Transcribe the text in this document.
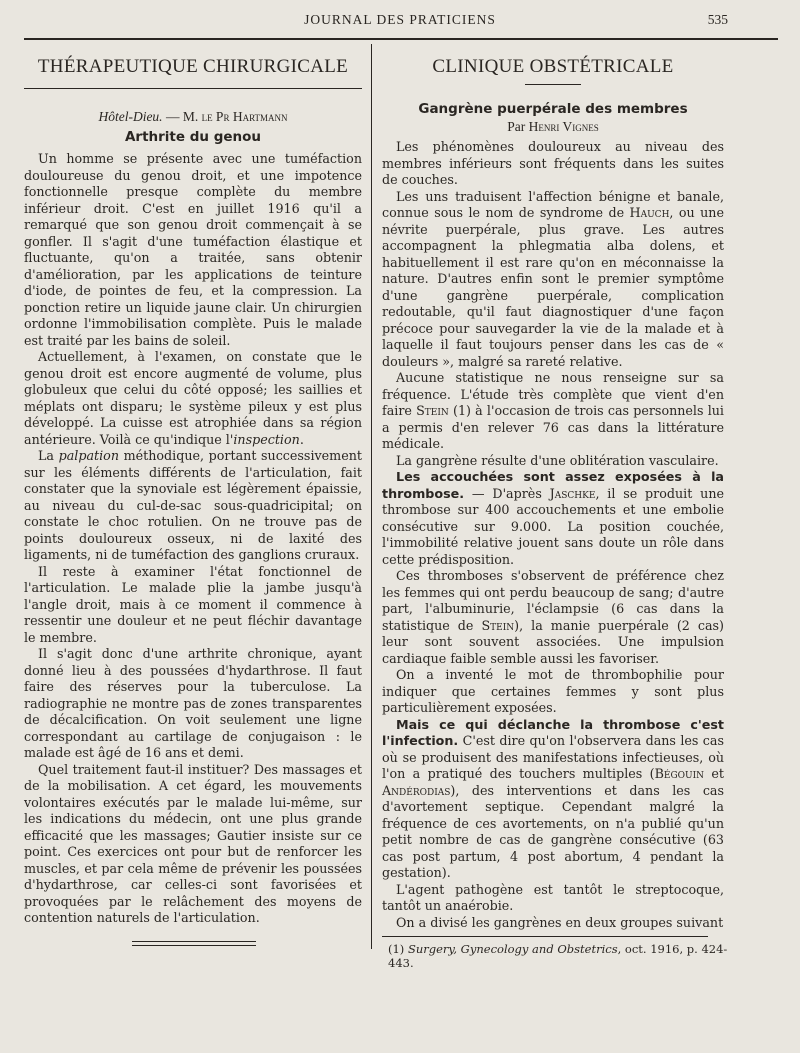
JOURNAL DES PRATICIENS	535
THÉRAPEUTIQUE CHIRURGICALE
Hôtel-Dieu. — M. le Pr Hartmann
Arthrite du genou

Un homme se présente avec une tuméfaction douloureuse du genou droit, et une impotence fonctionnelle presque complète du membre inférieur droit. C'est en juillet 1916 qu'il a remarqué que son genou droit commençait à se gonfler. Il s'agit d'une tuméfaction élastique et fluctuante, qu'on a traitée, sans obtenir d'amélioration, par les applications de teinture d'iode, de pointes de feu, et la compression. La ponction retire un liquide jaune clair. Un chirurgien ordonne l'immobilisation complète. Puis le malade est traité par les bains de soleil.

Actuellement, à l'examen, on constate que le genou droit est encore augmenté de volume, plus globuleux que celui du côté opposé; les saillies et méplats ont disparu; le système pileux y est plus développé. La cuisse est atrophiée dans sa région antérieure. Voilà ce qu'indique l'inspection.

La palpation méthodique, portant successivement sur les éléments différents de l'articulation, fait constater que la synoviale est légèrement épaissie, au niveau du cul-de-sac sous-quadricipital; on constate le choc rotulien. On ne trouve pas de points douloureux osseux, ni de laxité des ligaments, ni de tuméfaction des ganglions cruraux.

Il reste à examiner l'état fonctionnel de l'articulation. Le malade plie la jambe jusqu'à l'angle droit, mais à ce moment il commence à ressentir une douleur et ne peut fléchir davantage le membre.

Il s'agit donc d'une arthrite chronique, ayant donné lieu à des poussées d'hydarthrose. Il faut faire des réserves pour la tuberculose. La radiographie ne montre pas de zones transparentes de décalcification. On voit seulement une ligne correspondant au cartilage de conjugaison : le malade est âgé de 16 ans et demi.

Quel traitement faut-il instituer? Des massages et de la mobilisation. A cet égard, les mouvements volontaires exécutés par le malade lui-même, sur les indications du médecin, ont une plus grande efficacité que les massages; Gautier insiste sur ce point. Ces exercices ont pour but de renforcer les muscles, et par cela même de prévenir les poussées d'hydarthrose, car celles-ci sont favorisées et provoquées par le relâchement des moyens de contention naturels de l'articulation.

CLINIQUE OBSTÉTRICALE
Gangrène puerpérale des membres
Par Henri Vignes

Les phénomènes douloureux au niveau des membres inférieurs sont fréquents dans les suites de couches.

Les uns traduisent l'affection bénigne et banale, connue sous le nom de syndrome de Hauch, ou une névrite puerpérale, plus grave. Les autres accompagnent la phlegmatia alba dolens, et habituellement il est rare qu'on en méconnaisse la nature. D'autres enfin sont le premier symptôme d'une gangrène puerpérale, complication redoutable, qu'il faut diagnostiquer d'une façon précoce pour sauvegarder la vie de la malade et à laquelle il faut toujours penser dans les cas de « douleurs », malgré sa rareté relative.

Aucune statistique ne nous renseigne sur sa fréquence. L'étude très complète que vient d'en faire Stein (1) à l'occasion de trois cas personnels lui a permis d'en relever 76 cas dans la littérature médicale.

La gangrène résulte d'une oblitération vasculaire.

Les accouchées sont assez exposées à la thrombose. — D'après Jaschke, il se produit une thrombose sur 400 accouchements et une embolie consécutive sur 9.000. La position couchée, l'immobilité relative jouent sans doute un rôle dans cette prédisposition.

Ces thromboses s'observent de préférence chez les femmes qui ont perdu beaucoup de sang; d'autre part, l'albuminurie, l'éclampsie (6 cas dans la statistique de Stein), la manie puerpérale (2 cas) leur sont souvent associées. Une impulsion cardiaque faible semble aussi les favoriser.

On a inventé le mot de thrombophilie pour indiquer que certaines femmes y sont plus particulièrement exposées.

Mais ce qui déclanche la thrombose c'est l'infection. C'est dire qu'on l'observera dans les cas où se produisent des manifestations infectieuses, où l'on a pratiqué des touchers multiples (Bégouin et Andérodias), des interventions et dans les cas d'avortement septique. Cependant malgré la fréquence de ces avortements, on n'a publié qu'un petit nombre de cas de gangrène consécutive (63 cas post partum, 4 post abortum, 4 pendant la gestation).

L'agent pathogène est tantôt le streptocoque, tantôt un anaérobie.

On a divisé les gangrènes en deux groupes suivant

(1) Surgery, Gynecology and Obstetrics, oct. 1916, p. 424-443.
